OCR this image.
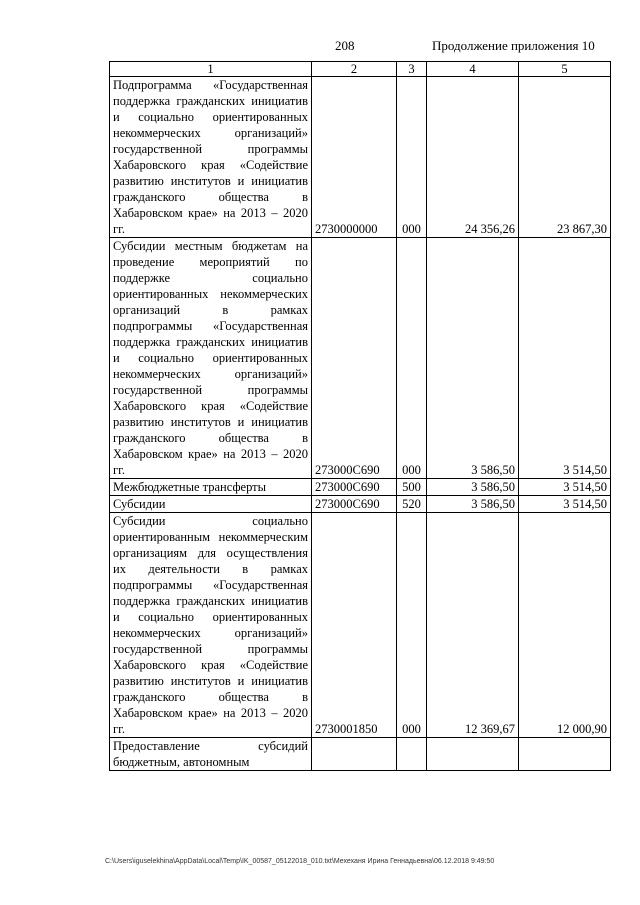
208	Продолжение приложения 10
1	2	3	4	5
Подпрограмма «Государственная поддержка гражданских инициатив и социально ориентированных некоммерческих организаций» государственной программы Хабаровского края «Содействие развитию институтов и инициатив гражданского общества в Хабаровском крае» на 2013 – 2020 гг.	2730000000	000	24 356,26	23 867,30
Субсидии местным бюджетам на проведение мероприятий по поддержке социально ориентированных некоммерческих организаций в рамках подпрограммы «Государственная поддержка гражданских инициатив и социально ориентированных некоммерческих организаций» государственной программы Хабаровского края «Содействие развитию институтов и инициатив гражданского общества в Хабаровском крае» на 2013 – 2020 гг.	273000С690	000	3 586,50	3 514,50
Межбюджетные трансферты	273000С690	500	3 586,50	3 514,50
Субсидии	273000С690	520	3 586,50	3 514,50
Субсидии социально ориентированным некоммерческим организациям для осуществления их деятельности в рамках подпрограммы «Государственная поддержка гражданских инициатив и социально ориентированных некоммерческих организаций» государственной программы Хабаровского края «Содействие развитию институтов и инициатив гражданского общества в Хабаровском крае» на 2013 – 2020 гг.	2730001850	000	12 369,67	12 000,90
Предоставление субсидий бюджетным, автономным				
C:\Users\iguselekhina\AppData\Local\Temp\IK_00587_05122018_010.txt\Мехеханя Ирина Геннадьевна\06.12.2018 9:49:50
